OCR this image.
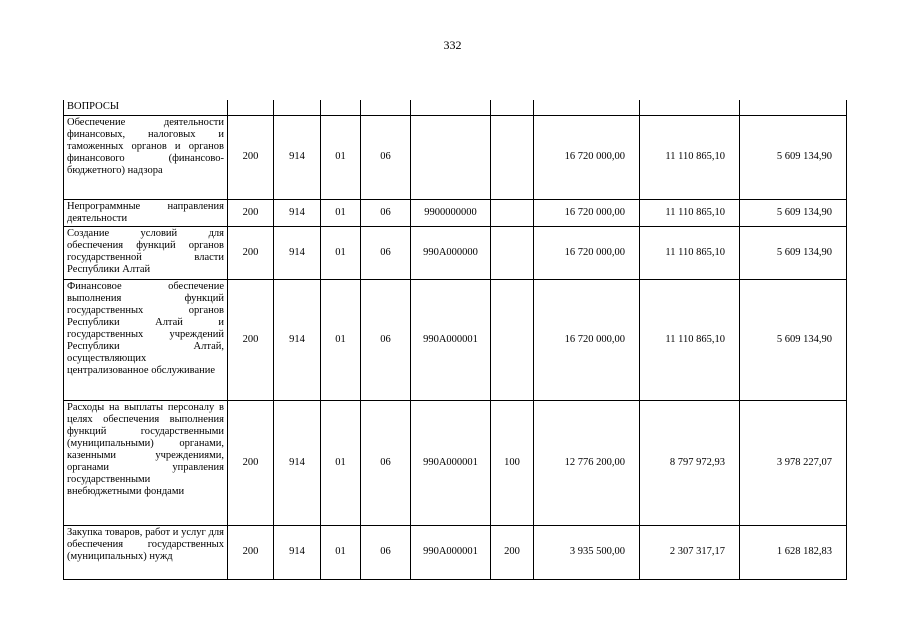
332
ВОПРОСЫ									
Обеспечение деятельности финансовых, налоговых и таможенных органов и органов финансового (финансово-бюджетного) надзора	200	914	01	06			16 720 000,00	11 110 865,10	5 609 134,90
Непрограммные направления деятельности	200	914	01	06	9900000000		16 720 000,00	11 110 865,10	5 609 134,90
Создание условий для обеспечения функций органов государственной власти Республики Алтай	200	914	01	06	990А000000		16 720 000,00	11 110 865,10	5 609 134,90
Финансовое обеспечение выполнения функций государственных органов Республики Алтай и государственных учреждений Республики Алтай, осуществляющих централизованное обслуживание	200	914	01	06	990А000001		16 720 000,00	11 110 865,10	5 609 134,90
Расходы на выплаты персоналу в целях обеспечения выполнения функций государственными (муниципальными) органами, казенными учреждениями, органами управления государственными внебюджетными фондами	200	914	01	06	990А000001	100	12 776 200,00	8 797 972,93	3 978 227,07
Закупка товаров, работ и услуг для обеспечения государственных (муниципальных) нужд	200	914	01	06	990А000001	200	3 935 500,00	2 307 317,17	1 628 182,83
